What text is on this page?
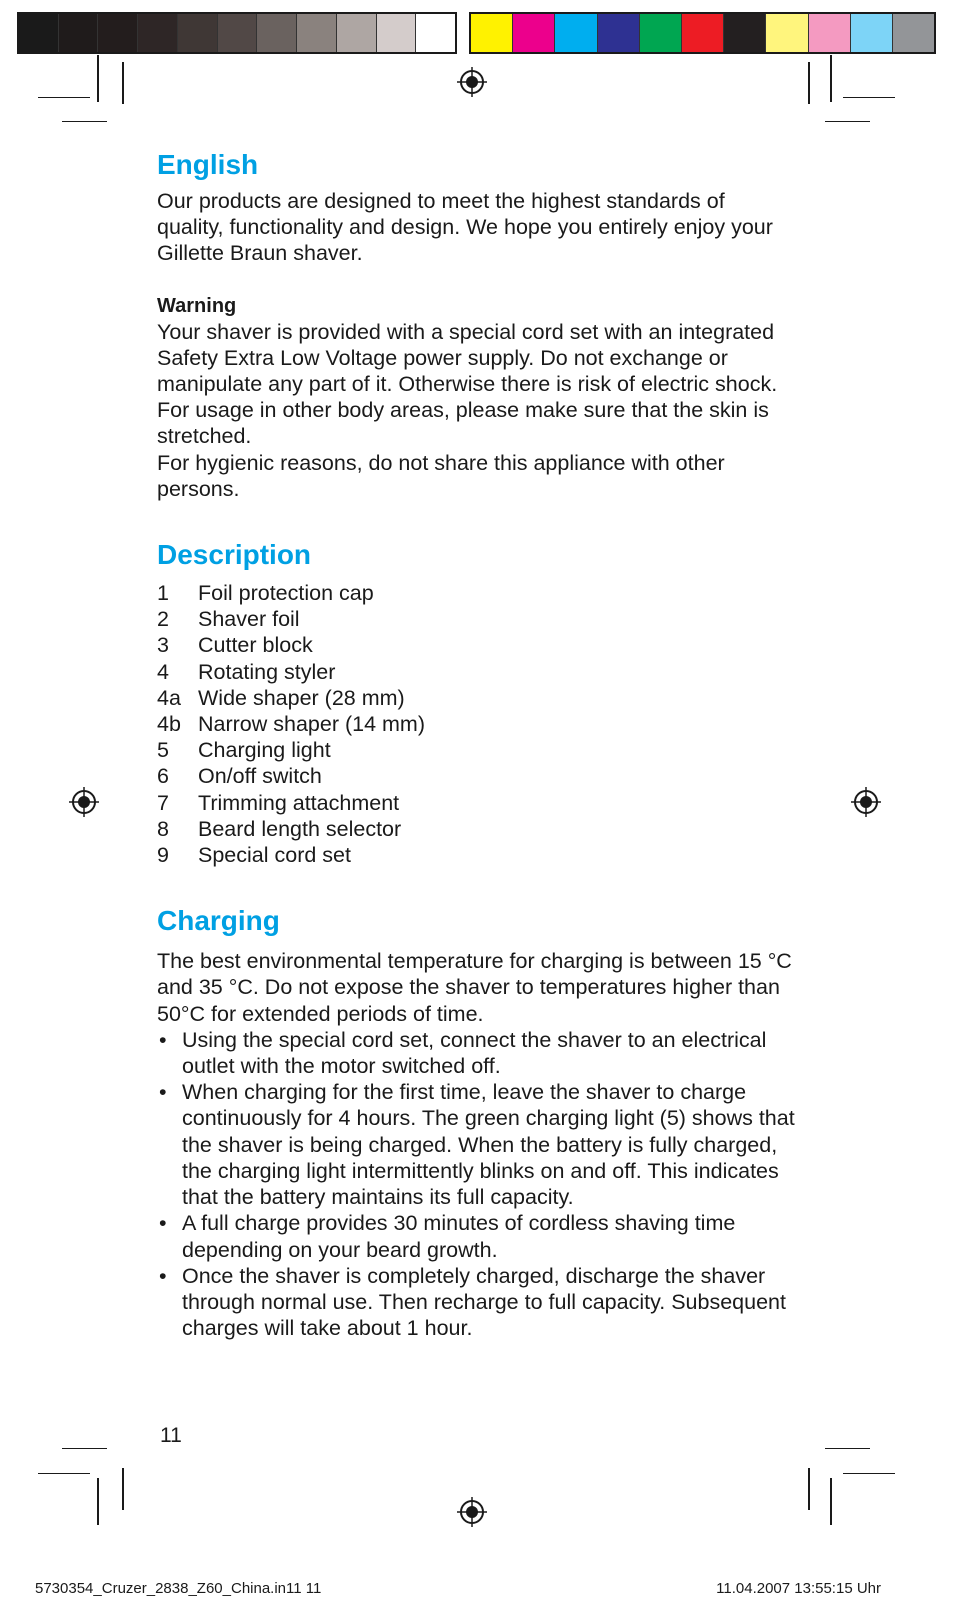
English

Our products are designed to meet the highest standards of quality, functionality and design. We hope you entirely enjoy your Gillette Braun shaver.

Warning

Your shaver is provided with a special cord set with an integrated Safety Extra Low Voltage power supply. Do not exchange or manipulate any part of it. Otherwise there is risk of electric shock.

For usage in other body areas, please make sure that the skin is stretched.

For hygienic reasons, do not share this appliance with other persons.

Description
1	Foil protection cap
2	Shaver foil
3	Cutter block
4	Rotating styler
4a Wide shaper (28 mm)
4b Narrow shaper (14 mm)
5	Charging light
6	On/off switch
7	Trimming attachment
8	Beard length selector
9	Special cord set
Charging

The best environmental temperature for charging is between 15 °C and 35 °C. Do not expose the shaver to temperatures higher than 50°C for extended periods of time.

• Using the special cord set, connect the shaver to an electrical outlet with the motor switched off.
• When charging for the first time, leave the shaver to charge continuously for 4 hours. The green charging light (5) shows that the shaver is being charged. When the battery is fully charged, the charging light intermittently blinks on and off. This indicates that the battery maintains its full capacity.
• A full charge provides 30 minutes of cordless shaving time depending on your beard growth.
• Once the shaver is completely charged, discharge the shaver through normal use. Then recharge to full capacity. Subsequent charges will take about 1 hour.
11
5730354_Cruzer_2838_Z60_China.in11 11	11.04.2007 13:55:15 Uhr
